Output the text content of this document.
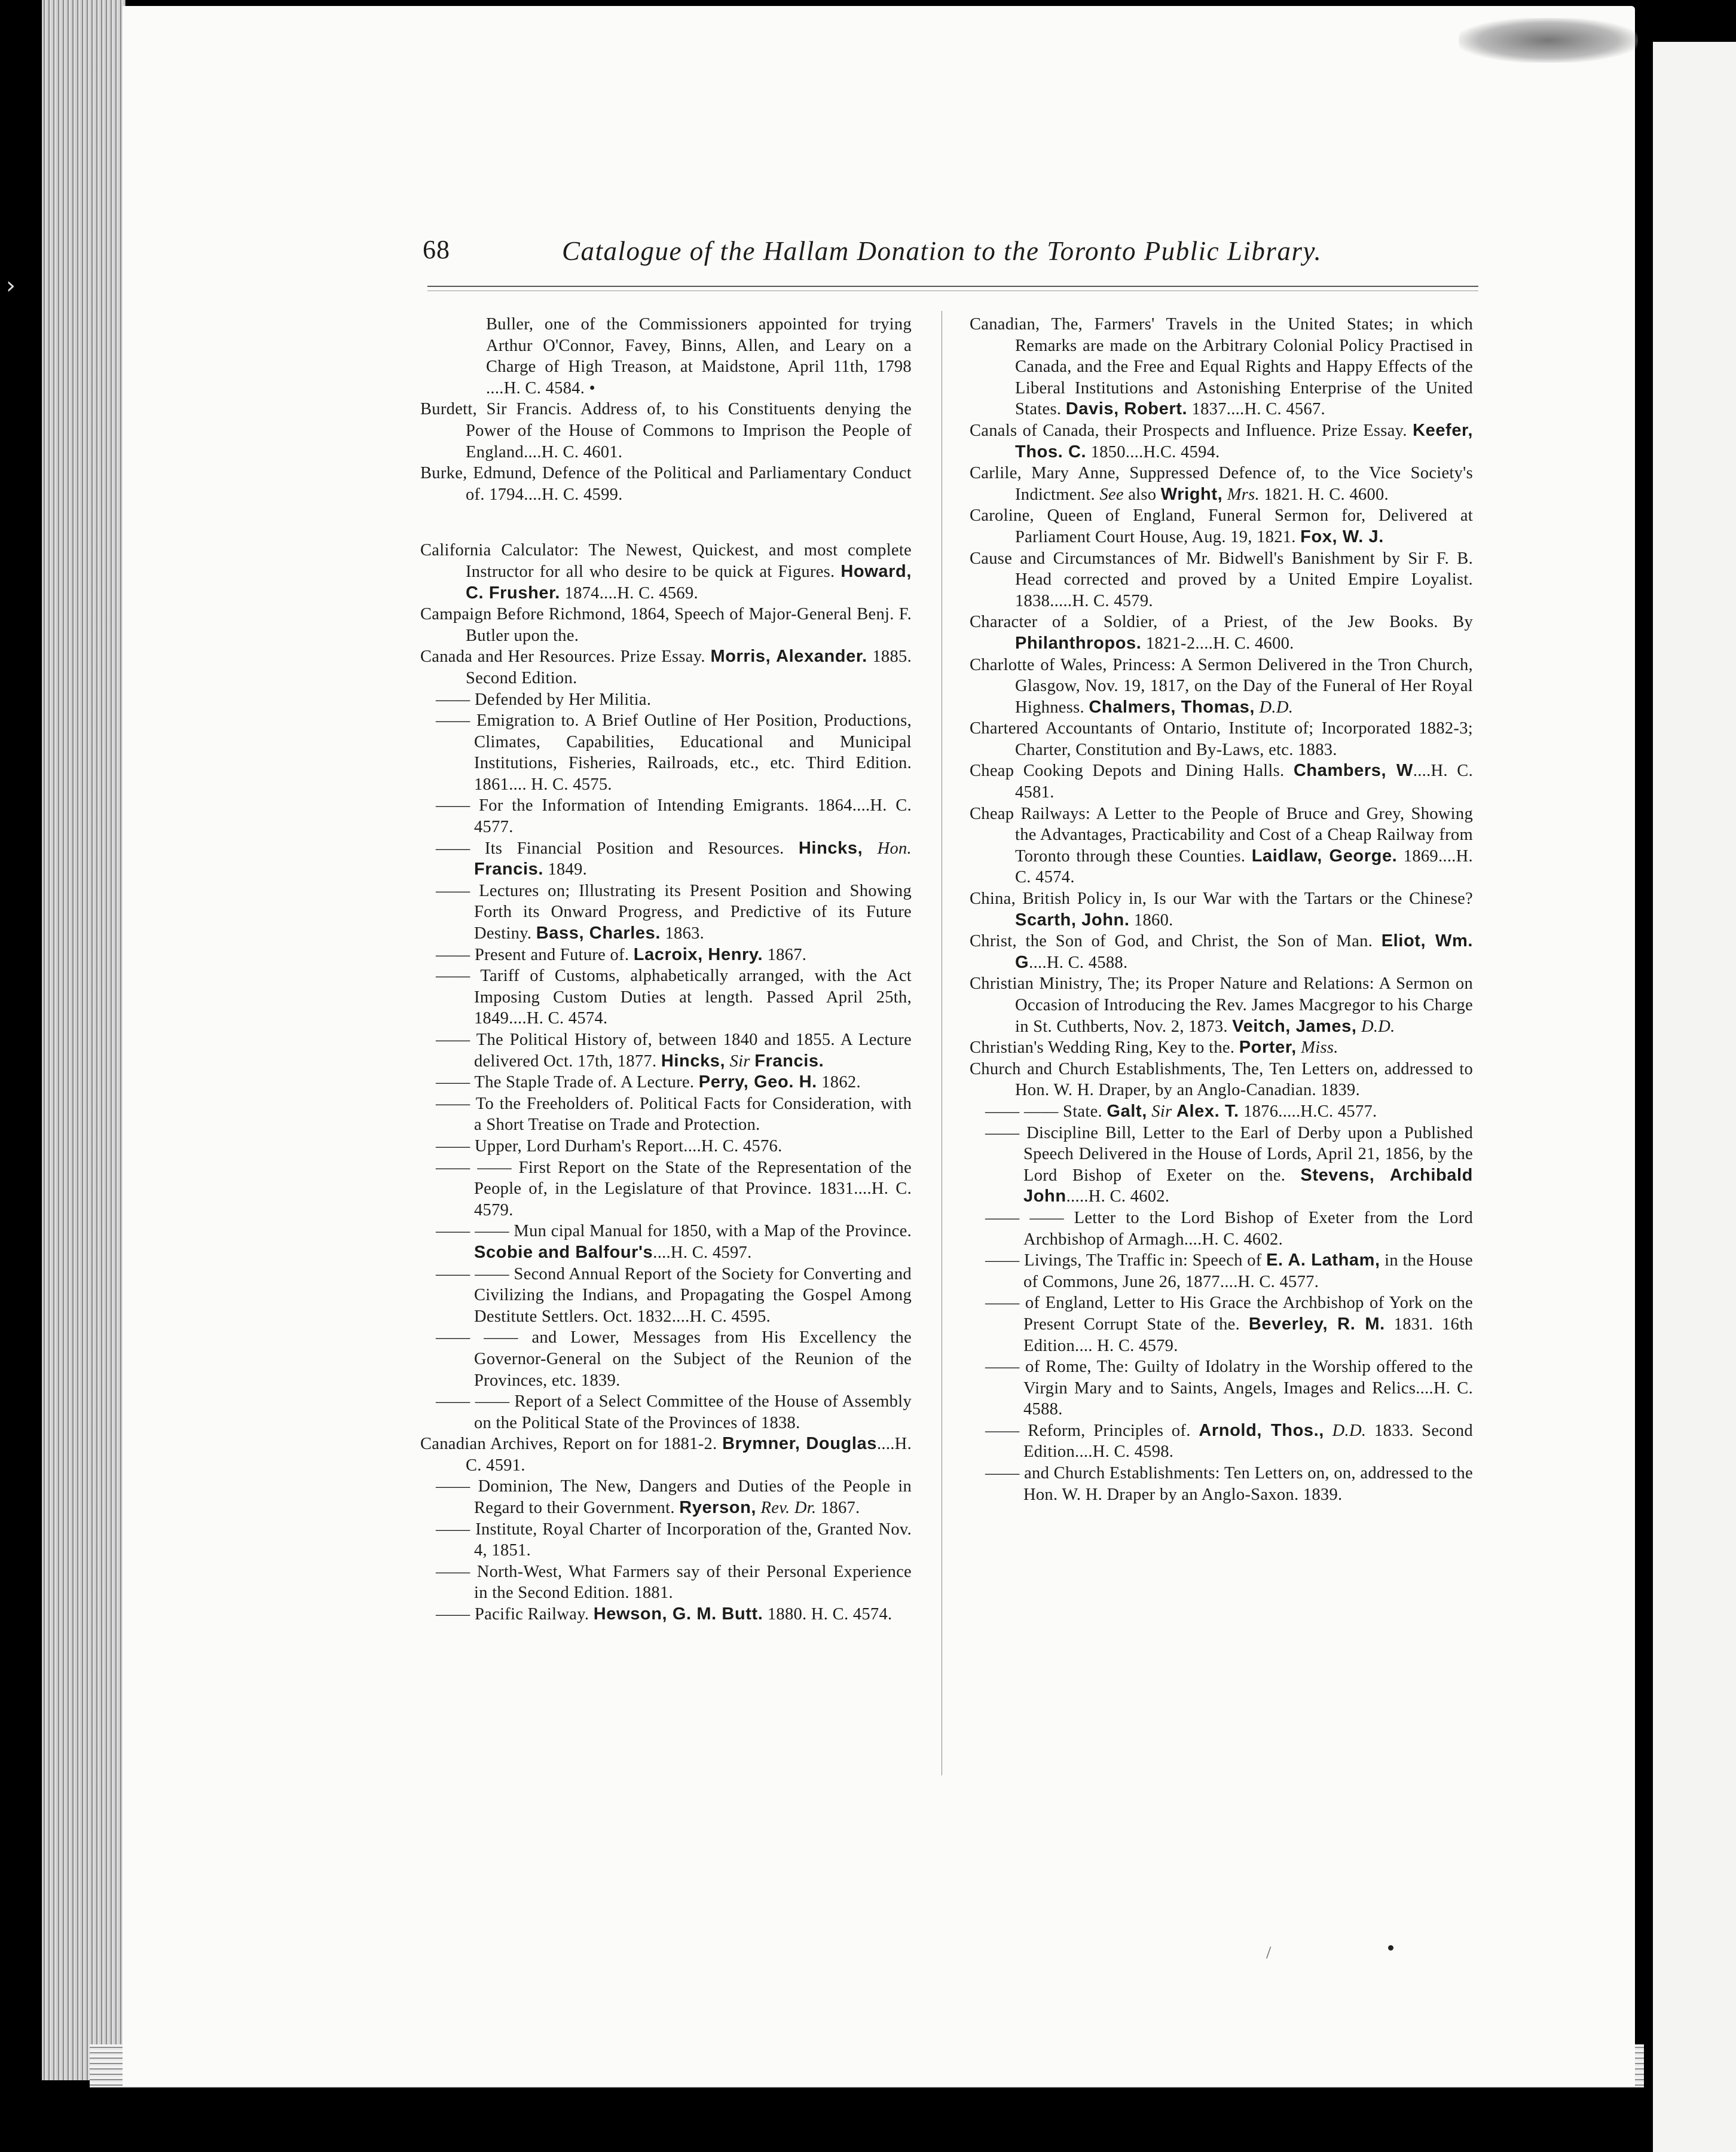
›
68	Catalogue of the Hallam Donation to the Toronto Public Library.
Buller, one of the Commissioners appointed for trying Arthur O'Connor, Favey, Binns, Allen, and Leary on a Charge of High Treason, at Maidstone, April 11th, 1798 ....H. C. 4584. •
Burdett, Sir Francis. Address of, to his Constituents denying the Power of the House of Commons to Imprison the People of England....H. C. 4601.
Burke, Edmund, Defence of the Political and Parliamentary Conduct of. 1794....H. C. 4599.
California Calculator: The Newest, Quickest, and most complete Instructor for all who desire to be quick at Figures. Howard, C. Frusher. 1874....H. C. 4569.
Campaign Before Richmond, 1864, Speech of Major-General Benj. F. Butler upon the.
Canada and Her Resources. Prize Essay. Morris, Alexander. 1885. Second Edition.
—— Defended by Her Militia.
—— Emigration to. A Brief Outline of Her Position, Productions, Climates, Capabilities, Educational and Municipal Institutions, Fisheries, Railroads, etc., etc. Third Edition. 1861.... H. C. 4575.
—— For the Information of Intending Emigrants. 1864....H. C. 4577.
—— Its Financial Position and Resources. Hincks, Hon. Francis. 1849.
—— Lectures on; Illustrating its Present Position and Showing Forth its Onward Progress, and Predictive of its Future Destiny. Bass, Charles. 1863.
—— Present and Future of. Lacroix, Henry. 1867.
—— Tariff of Customs, alphabetically arranged, with the Act Imposing Custom Duties at length. Passed April 25th, 1849....H. C. 4574.
—— The Political History of, between 1840 and 1855. A Lecture delivered Oct. 17th, 1877. Hincks, Sir Francis.
—— The Staple Trade of. A Lecture. Perry, Geo. H. 1862.
—— To the Freeholders of. Political Facts for Consideration, with a Short Treatise on Trade and Protection.
—— Upper, Lord Durham's Report....H. C. 4576.
—— —— First Report on the State of the Representation of the People of, in the Legislature of that Province. 1831....H. C. 4579.
—— —— Mun cipal Manual for 1850, with a Map of the Province. Scobie and Balfour's....H. C. 4597.
—— —— Second Annual Report of the Society for Converting and Civilizing the Indians, and Propagating the Gospel Among Destitute Settlers. Oct. 1832....H. C. 4595.
—— —— and Lower, Messages from His Excellency the Governor-General on the Subject of the Reunion of the Provinces, etc. 1839.
—— —— Report of a Select Committee of the House of Assembly on the Political State of the Provinces of 1838.
Canadian Archives, Report on for 1881-2. Brymner, Douglas....H. C. 4591.
—— Dominion, The New, Dangers and Duties of the People in Regard to their Government. Ryerson, Rev. Dr. 1867.
—— Institute, Royal Charter of Incorporation of the, Granted Nov. 4, 1851.
—— North-West, What Farmers say of their Personal Experience in the Second Edition. 1881.
—— Pacific Railway. Hewson, G. M. Butt. 1880. H. C. 4574.
Canadian, The, Farmers' Travels in the United States; in which Remarks are made on the Arbitrary Colonial Policy Practised in Canada, and the Free and Equal Rights and Happy Effects of the Liberal Institutions and Astonishing Enterprise of the United States. Davis, Robert. 1837....H. C. 4567.
Canals of Canada, their Prospects and Influence. Prize Essay. Keefer, Thos. C. 1850....H.C. 4594.
Carlile, Mary Anne, Suppressed Defence of, to the Vice Society's Indictment. See also Wright, Mrs. 1821. H. C. 4600.
Caroline, Queen of England, Funeral Sermon for, Delivered at Parliament Court House, Aug. 19, 1821. Fox, W. J.
Cause and Circumstances of Mr. Bidwell's Banishment by Sir F. B. Head corrected and proved by a United Empire Loyalist. 1838.....H. C. 4579.
Character of a Soldier, of a Priest, of the Jew Books. By Philanthropos. 1821-2....H. C. 4600.
Charlotte of Wales, Princess: A Sermon Delivered in the Tron Church, Glasgow, Nov. 19, 1817, on the Day of the Funeral of Her Royal Highness. Chalmers, Thomas, D.D.
Chartered Accountants of Ontario, Institute of; Incorporated 1882-3; Charter, Constitution and By-Laws, etc. 1883.
Cheap Cooking Depots and Dining Halls. Chambers, W....H. C. 4581.
Cheap Railways: A Letter to the People of Bruce and Grey, Showing the Advantages, Practicability and Cost of a Cheap Railway from Toronto through these Counties. Laidlaw, George. 1869....H. C. 4574.
China, British Policy in, Is our War with the Tartars or the Chinese? Scarth, John. 1860.
Christ, the Son of God, and Christ, the Son of Man. Eliot, Wm. G....H. C. 4588.
Christian Ministry, The; its Proper Nature and Relations: A Sermon on Occasion of Introducing the Rev. James Macgregor to his Charge in St. Cuthberts, Nov. 2, 1873. Veitch, James, D.D.
Christian's Wedding Ring, Key to the. Porter, Miss.
Church and Church Establishments, The, Ten Letters on, addressed to Hon. W. H. Draper, by an Anglo-Canadian. 1839.
—— —— State. Galt, Sir Alex. T. 1876.....H.C. 4577.
—— Discipline Bill, Letter to the Earl of Derby upon a Published Speech Delivered in the House of Lords, April 21, 1856, by the Lord Bishop of Exeter on the. Stevens, Archibald John.....H. C. 4602.
—— —— Letter to the Lord Bishop of Exeter from the Lord Archbishop of Armagh....H. C. 4602.
—— Livings, The Traffic in: Speech of E. A. Latham, in the House of Commons, June 26, 1877....H. C. 4577.
—— of England, Letter to His Grace the Archbishop of York on the Present Corrupt State of the. Beverley, R. M. 1831. 16th Edition.... H. C. 4579.
—— of Rome, The: Guilty of Idolatry in the Worship offered to the Virgin Mary and to Saints, Angels, Images and Relics....H. C. 4588.
—— Reform, Principles of. Arnold, Thos., D.D. 1833. Second Edition....H. C. 4598.
—— and Church Establishments: Ten Letters on, on, addressed to the Hon. W. H. Draper by an Anglo-Saxon. 1839.
/
